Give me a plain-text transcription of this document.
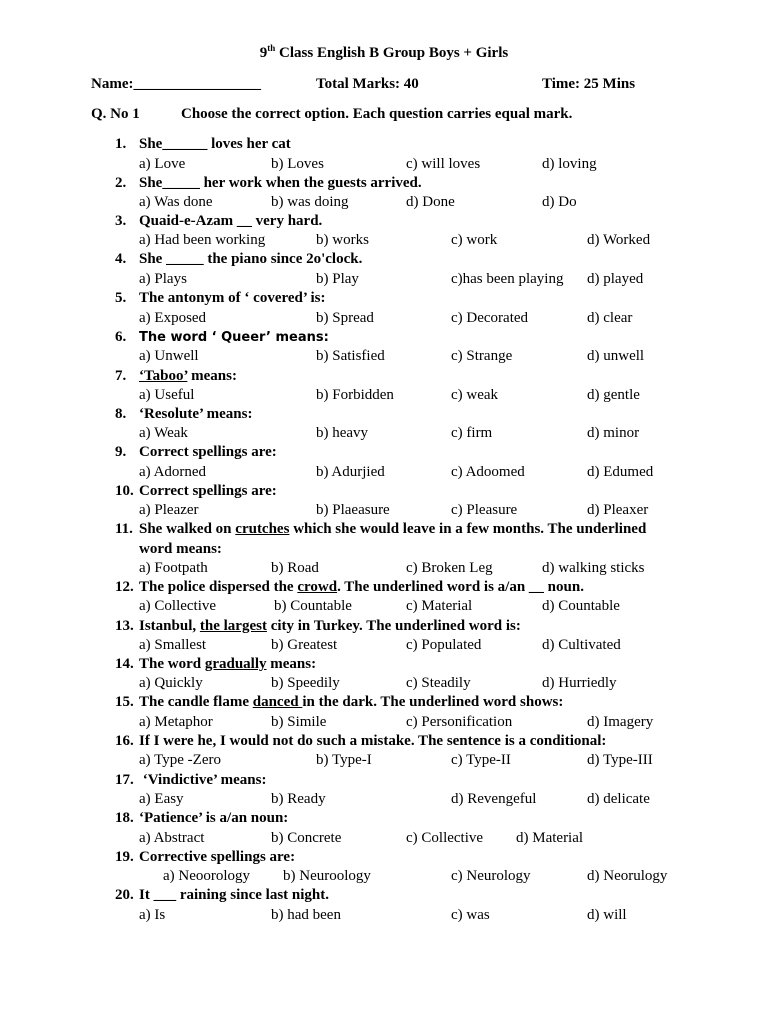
9th Class English B Group Boys + Girls
Name:_________________	Total Marks: 40	Time: 25 Mins
Q. No 1	Choose the correct option. Each question carries equal mark.
1. She______ loves her cat
a) Love	b) Loves	c) will loves	d) loving
2. She_____ her work when the guests arrived.
a) Was done	b) was doing	d) Done	d) Do
3. Quaid-e-Azam __ very hard.
a) Had been working	b) works	c) work	d) Worked
4. She _____ the piano since 2o'clock.
a) Plays	b) Play	c)has been playing d) played
5. The antonym of ‘ covered’ is:
a) Exposed	b) Spread	c) Decorated	d) clear
6. The word ‘ Queer’ means:
a) Unwell	b) Satisfied	c) Strange	d) unwell
7. ‘Taboo’ means:
a) Useful	b) Forbidden	c) weak	d) gentle
8. ‘Resolute’ means:
a) Weak	b) heavy	c) firm	d) minor
9. Correct spellings are:
a) Adorned	b) Adurjied	c) Adoomed	d) Edumed
10. Correct spellings are:
a) Pleazer	b) Plaeasure	c) Pleasure	d) Pleaxer
11. She walked on crutches which she would leave in a few months. The underlined
word means:
a) Footpath	b) Road	c) Broken Leg	d) walking sticks
12. The police dispersed the crowd. The underlined word is a/an __ noun.
a) Collective	b) Countable	c) Material	d) Countable
13. Istanbul, the largest city in Turkey. The underlined word is:
a) Smallest	b) Greatest	c) Populated	d) Cultivated
14. The word gradually means:
a) Quickly	b) Speedily	c) Steadily	d) Hurriedly
15. The candle flame danced in the dark. The underlined word shows:
a) Metaphor	b) Simile	c) Personification	d) Imagery
16. If I were he, I would not do such a mistake. The sentence is a conditional:
a) Type -Zero	b) Type-I	c) Type-II	d) Type-III
17. ‘Vindictive’ means:
a) Easy	b) Ready	d) Revengeful	d) delicate
18. ‘Patience’ is a/an noun:
a) Abstract	b) Concrete	c) Collective d) Material
19. Corrective spellings are:
a) Neoorology b) Neuroology	c) Neurology	d) Neorulogy
20. It ___ raining since last night.
a) Is	b) had been	c) was	d) will
